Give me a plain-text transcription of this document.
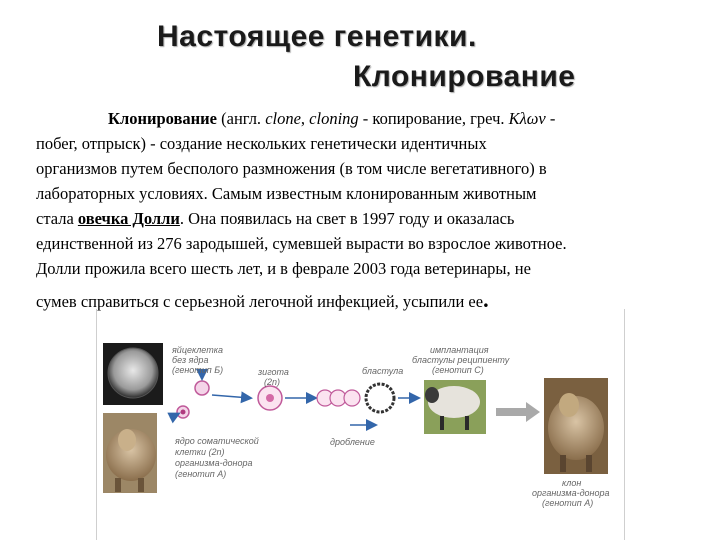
Настоящее генетики.
Клонирование
Клонирование (англ. clone, cloning - копирование, греч. Κλων -
побег, отпрыск) - создание нескольких генетически идентичных
организмов путем бесполого размножения (в том числе вегетативного) в
лабораторных условиях. Самым известным клонированным животным
стала овечка Долли. Она появилась на свет в 1997 году и оказалась
единственной из 276 зародышей, сумевшей вырасти во взрослое животное.
Долли прожила всего шесть лет, и в феврале 2003 года ветеринары, не
сумев справиться с серьезной легочной инфекцией, усыпили ее.
яйцеклетка
без ядра
(генотип Б)
ядро соматической
клетки (2n)
организма-донора
(генотип А)
зигота
(2n)
бластула
дробление
имплантация
бластулы реципиенту
(генотип С)
клон
организма-донора
(генотип А)
